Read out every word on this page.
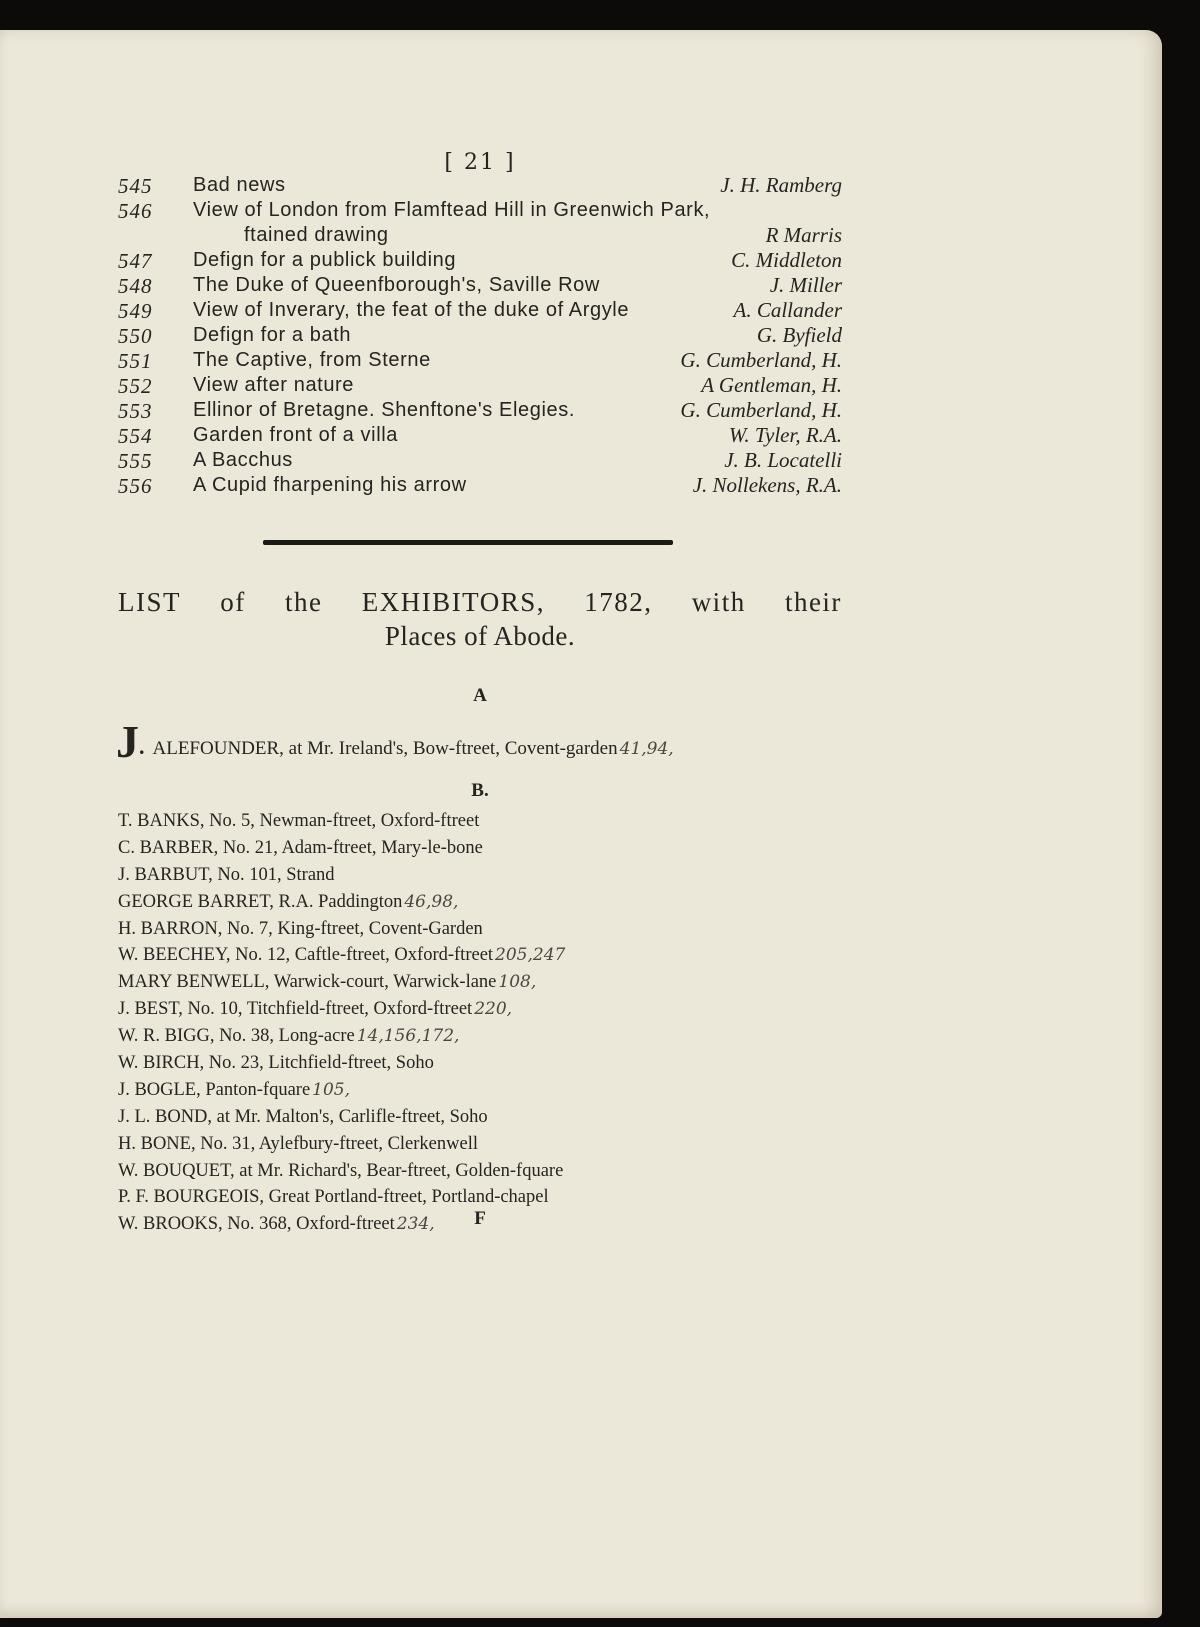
[ 21 ]
545	Bad news	J. H. Ramberg
546	View of London from Flamftead Hill in Greenwich Park,
ftained drawing	R Marris
547	Defign for a publick building	C. Middleton
548	The Duke of Queenfborough's, Saville Row	J. Miller
549	View of Inverary, the feat of the duke of Argyle	A. Callander
550	Defign for a bath	G. Byfield
551	The Captive, from Sterne	G. Cumberland, H.
552	View after nature	A Gentleman, H.
553	Ellinor of Bretagne. Shenftone's Elegies.	G. Cumberland, H.
554	Garden front of a villa	W. Tyler, R.A.
555	A Bacchus	J. B. Locatelli
556	A Cupid fharpening his arrow	J. Nollekens, R.A.
LIST of the EXHIBITORS, 1782, with their
Places of Abode.
A
J. ALEFOUNDER, at Mr. Ireland's, Bow-ftreet, Covent-garden 41,94,
B.
T. BANKS, No. 5, Newman-ftreet, Oxford-ftreet
C. BARBER, No. 21, Adam-ftreet, Mary-le-bone
J. BARBUT, No. 101, Strand
GEORGE BARRET, R.A. Paddington 46,98,
H. BARRON, No. 7, King-ftreet, Covent-Garden
W. BEECHEY, No. 12, Caftle-ftreet, Oxford-ftreet 205,247
MARY BENWELL, Warwick-court, Warwick-lane 108,
J. BEST, No. 10, Titchfield-ftreet, Oxford-ftreet 220,
W. R. BIGG, No. 38, Long-acre 14,156,172,
W. BIRCH, No. 23, Litchfield-ftreet, Soho
J. BOGLE, Panton-fquare 105,
J. L. BOND, at Mr. Malton's, Carlifle-ftreet, Soho
H. BONE, No. 31, Aylefbury-ftreet, Clerkenwell
W. BOUQUET, at Mr. Richard's, Bear-ftreet, Golden-fquare
P. F. BOURGEOIS, Great Portland-ftreet, Portland-chapel
W. BROOKS, No. 368, Oxford-ftreet 234,	F
